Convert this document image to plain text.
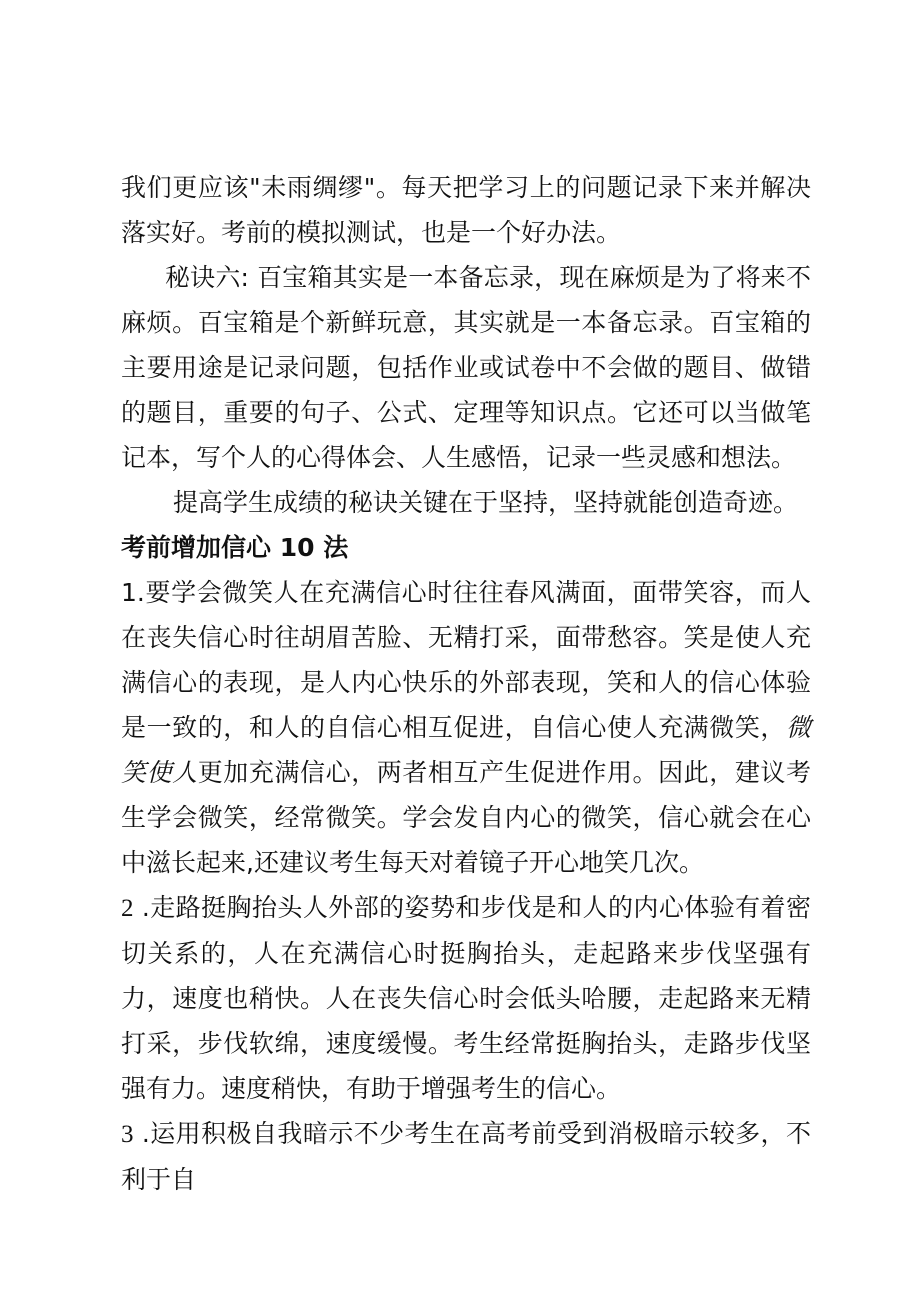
我们更应该"未雨绸缪"。每天把学习上的问题记录下来并解决落实好。考前的模拟测试，也是一个好办法。

秘诀六: 百宝箱其实是一本备忘录，现在麻烦是为了将来不麻烦。百宝箱是个新鲜玩意，其实就是一本备忘录。百宝箱的主要用途是记录问题，包括作业或试卷中不会做的题目、做错的题目，重要的句子、公式、定理等知识点。它还可以当做笔记本，写个人的心得体会、人生感悟，记录一些灵感和想法。

提高学生成绩的秘诀关键在于坚持，坚持就能创造奇迹。

考前增加信心 10 法

1.要学会微笑人在充满信心时往往春风满面，面带笑容，而人在丧失信心时往胡眉苦脸、无精打采，面带愁容。笑是使人充满信心的表现，是人内心快乐的外部表现，笑和人的信心体验是一致的，和人的自信心相互促进，自信心使人充满微笑，微笑使人更加充满信心，两者相互产生促进作用。因此，建议考生学会微笑，经常微笑。学会发自内心的微笑，信心就会在心中滋长起来,还建议考生每天对着镜子开心地笑几次。

2 .走路挺胸抬头人外部的姿势和步伐是和人的内心体验有着密切关系的，人在充满信心时挺胸抬头，走起路来步伐坚强有力，速度也稍快。人在丧失信心时会低头哈腰，走起路来无精打采，步伐软绵，速度缓慢。考生经常挺胸抬头，走路步伐坚强有力。速度稍快，有助于增强考生的信心。

3 .运用积极自我暗示不少考生在高考前受到消极暗示较多，不利于自
